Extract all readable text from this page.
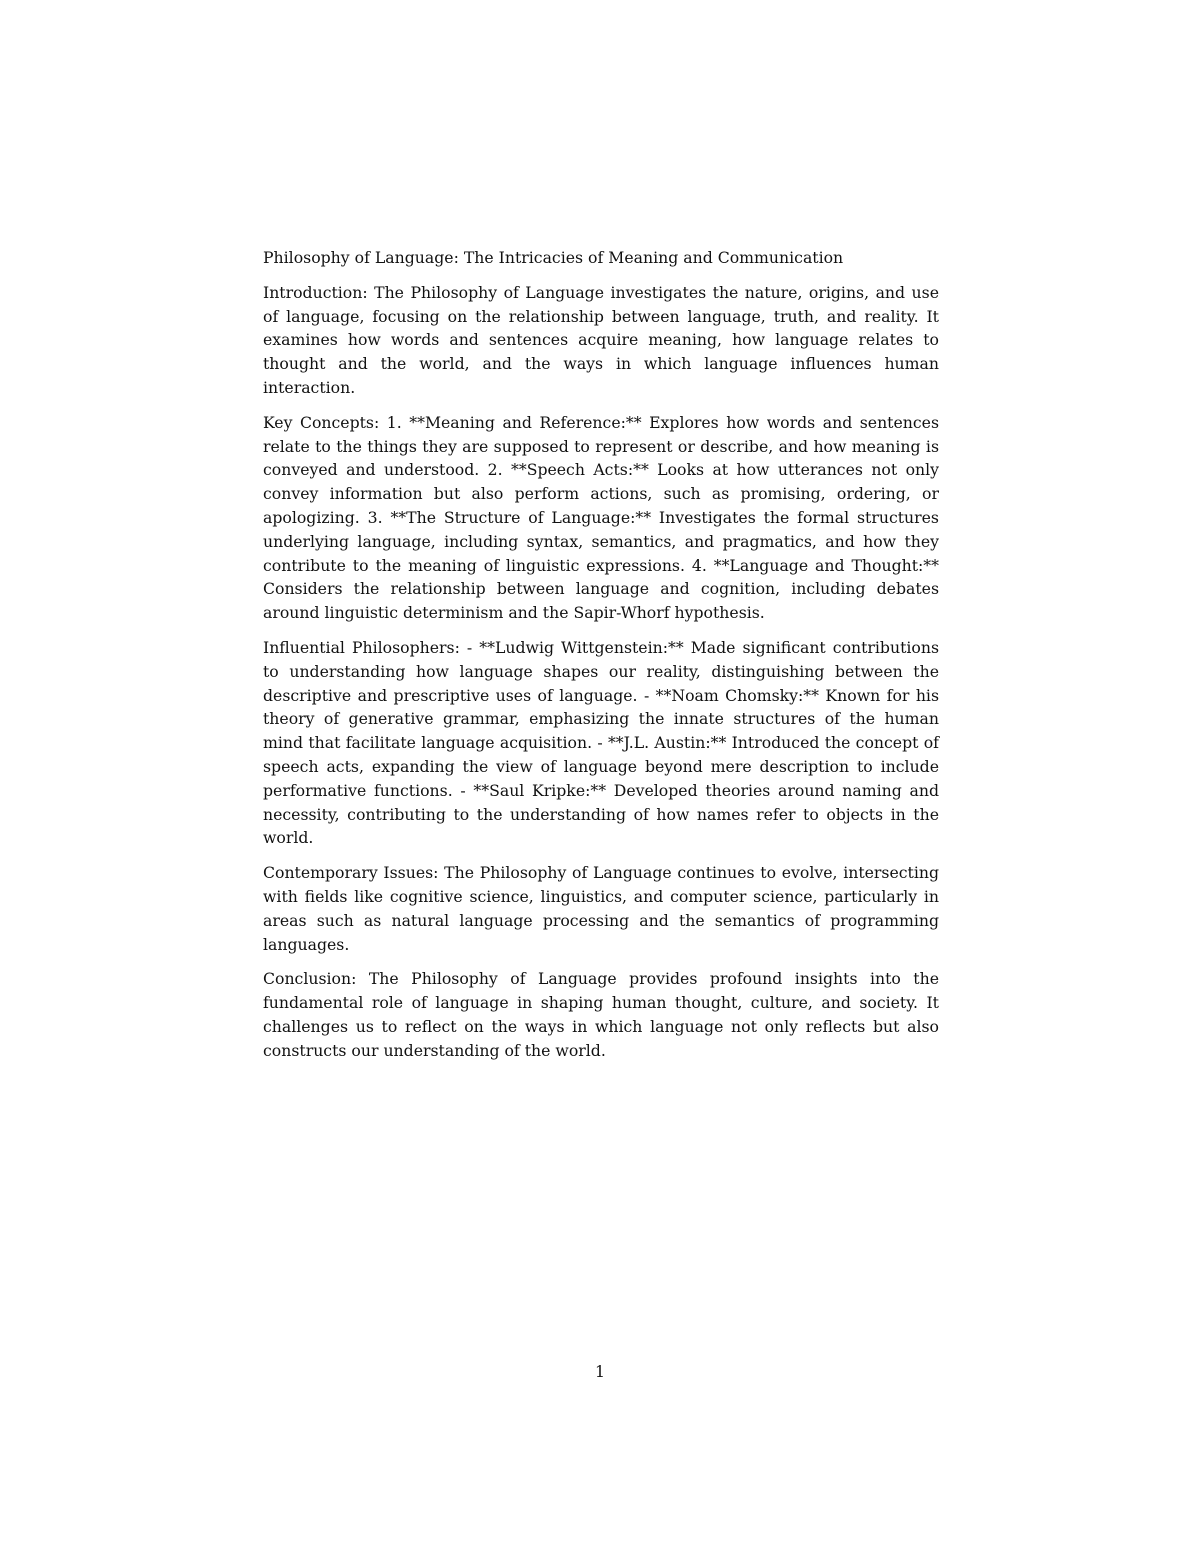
Philosophy of Language: The Intricacies of Meaning and Communication

Introduction: The Philosophy of Language investigates the nature, origins, and use of language, focusing on the relationship between language, truth, and reality. It examines how words and sentences acquire meaning, how language relates to thought and the world, and the ways in which language influences human interaction.

Key Concepts: 1. **Meaning and Reference:** Explores how words and sentences relate to the things they are supposed to represent or describe, and how meaning is conveyed and understood. 2. **Speech Acts:** Looks at how utterances not only convey information but also perform actions, such as promising, ordering, or apologizing. 3. **The Structure of Language:** Investigates the formal structures underlying language, including syntax, semantics, and pragmatics, and how they contribute to the meaning of linguistic expressions. 4. **Language and Thought:** Considers the relationship between language and cognition, including debates around linguistic determinism and the Sapir-Whorf hypothesis.

Influential Philosophers: - **Ludwig Wittgenstein:** Made significant contributions to understanding how language shapes our reality, distinguishing between the descriptive and prescriptive uses of language. - **Noam Chomsky:** Known for his theory of generative grammar, emphasizing the innate structures of the human mind that facilitate language acquisition. - **J.L. Austin:** Introduced the concept of speech acts, expanding the view of language beyond mere description to include performative functions. - **Saul Kripke:** Developed theories around naming and necessity, contributing to the understanding of how names refer to objects in the world.

Contemporary Issues: The Philosophy of Language continues to evolve, intersecting with fields like cognitive science, linguistics, and computer science, particularly in areas such as natural language processing and the semantics of programming languages.

Conclusion: The Philosophy of Language provides profound insights into the fundamental role of language in shaping human thought, culture, and society. It challenges us to reflect on the ways in which language not only reflects but also constructs our understanding of the world.

1
